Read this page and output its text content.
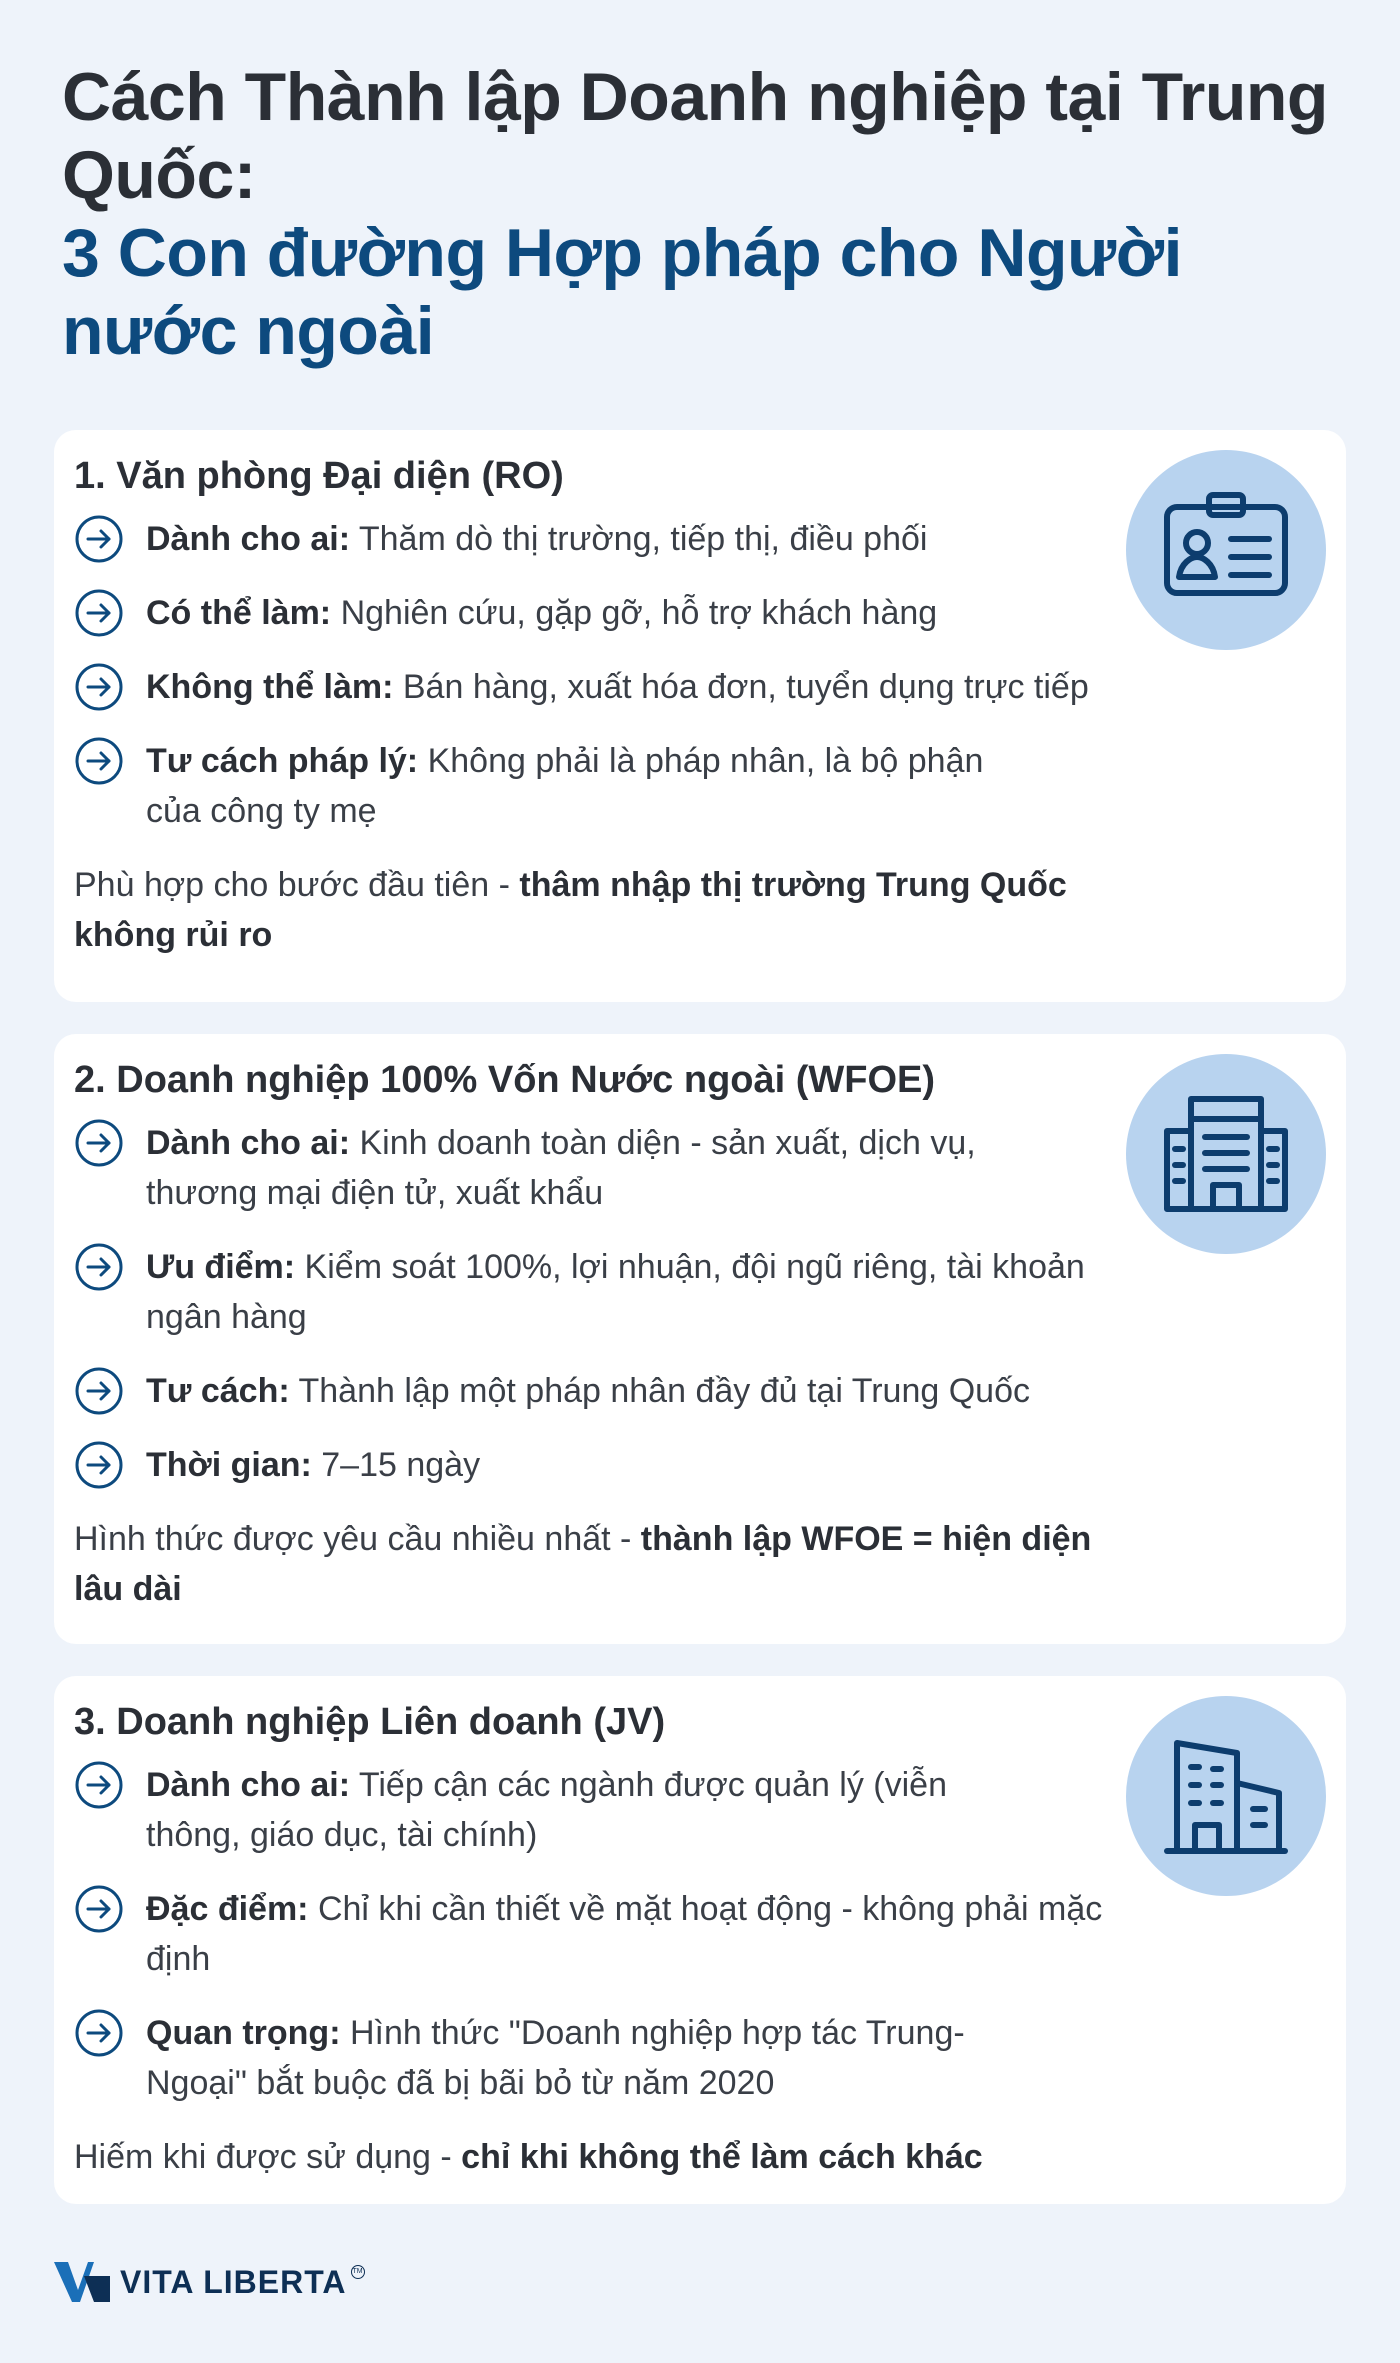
Cách Thành lập Doanh nghiệp tại Trung Quốc:
3 Con đường Hợp pháp cho Người nước ngoài
1. Văn phòng Đại diện (RO)
Dành cho ai: Thăm dò thị trường, tiếp thị, điều phối
Có thể làm: Nghiên cứu, gặp gỡ, hỗ trợ khách hàng
Không thể làm: Bán hàng, xuất hóa đơn, tuyển dụng trực tiếp
Tư cách pháp lý: Không phải là pháp nhân, là bộ phận của công ty mẹ

Phù hợp cho bước đầu tiên - thâm nhập thị trường Trung Quốc không rủi ro

2. Doanh nghiệp 100% Vốn Nước ngoài (WFOE)
Dành cho ai: Kinh doanh toàn diện - sản xuất, dịch vụ, thương mại điện tử, xuất khẩu
Ưu điểm: Kiểm soát 100%, lợi nhuận, đội ngũ riêng, tài khoản ngân hàng
Tư cách: Thành lập một pháp nhân đầy đủ tại Trung Quốc
Thời gian: 7–15 ngày

Hình thức được yêu cầu nhiều nhất - thành lập WFOE = hiện diện lâu dài

3. Doanh nghiệp Liên doanh (JV)
Dành cho ai: Tiếp cận các ngành được quản lý (viễn thông, giáo dục, tài chính)
Đặc điểm: Chỉ khi cần thiết về mặt hoạt động - không phải mặc định
Quan trọng: Hình thức "Doanh nghiệp hợp tác Trung-Ngoại" bắt buộc đã bị bãi bỏ từ năm 2020

Hiếm khi được sử dụng - chỉ khi không thể làm cách khác

VITA LIBERTA TM
